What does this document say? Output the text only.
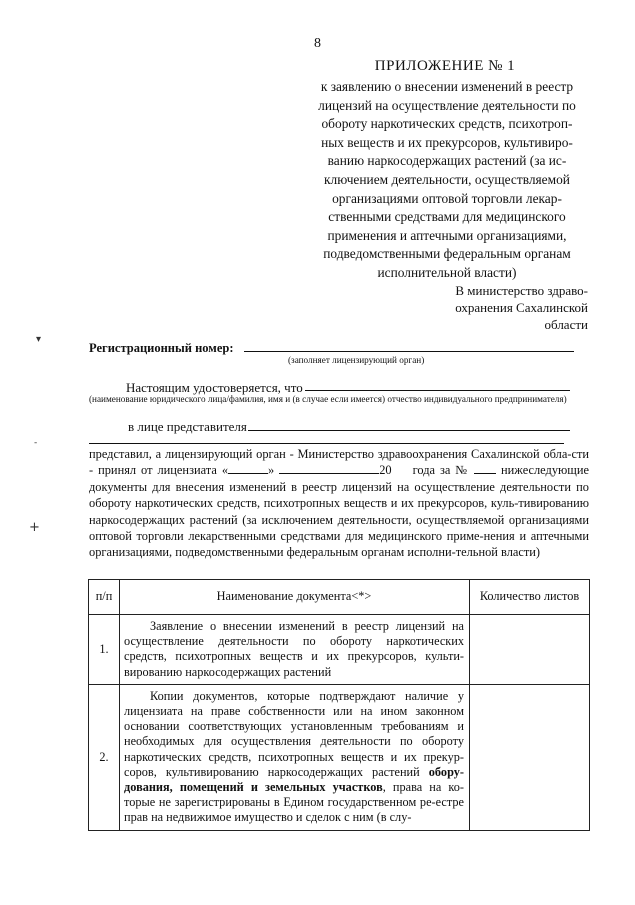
8
ПРИЛОЖЕНИЕ № 1
к заявлению о внесении изменений в реестр
лицензий на осуществление деятельности по
обороту наркотических средств, психотроп-
ных веществ и их прекурсоров, культивиро-
ванию наркосодержащих растений (за ис-
ключением деятельности, осуществляемой
организациями оптовой торговли лекар-
ственными средствами для медицинского
применения и аптечными организациями,
подведомственными федеральным органам
исполнительной власти)
В министерство здраво-
охранения Сахалинской
области
Регистрационный номер:
(заполняет лицензирующий орган)
Настоящим удостоверяется, что
(наименование юридического лица/фамилия, имя и (в случае если имеется) отчество индивидуального предпринимателя)
в лице представителя
представил, а лицензирующий орган - Министерство здравоохранения Сахалинской обла-сти - принял от лицензиата «	»	20 года за №	нижеследующие документы для внесения изменений в реестр лицензий на осуществление деятельности по обороту наркотических средств, психотропных веществ и их прекурсоров, куль-тивированию наркосодержащих растений (за исключением деятельности, осуществляемой организациями оптовой торговли лекарственными средствами для медицинского приме-нения и аптечными организациями, подведомственными федеральным органам исполни-тельной власти)
п/п	Наименование документа<*>	Количество листов
1.	Заявление о внесении изменений в реестр лицензий на осуществление деятельности по обороту наркотических средств, психотропных веществ и их прекурсоров, культи-вированию наркосодержащих растений	

2.	Копии документов, которые подтверждают наличие у лицензиата на праве собственности или на ином законном основании соответствующих установленным требованиям и необходимых для осуществления деятельности по обороту наркотических средств, психотропных веществ и их прекур-соров, культивированию наркосодержащих растений обору-дования, помещений и земельных участков, права на ко-торые не зарегистрированы в Едином государственном ре-естре прав на недвижимое имущество и сделок с ним (в слу-	

▾
‐
+
